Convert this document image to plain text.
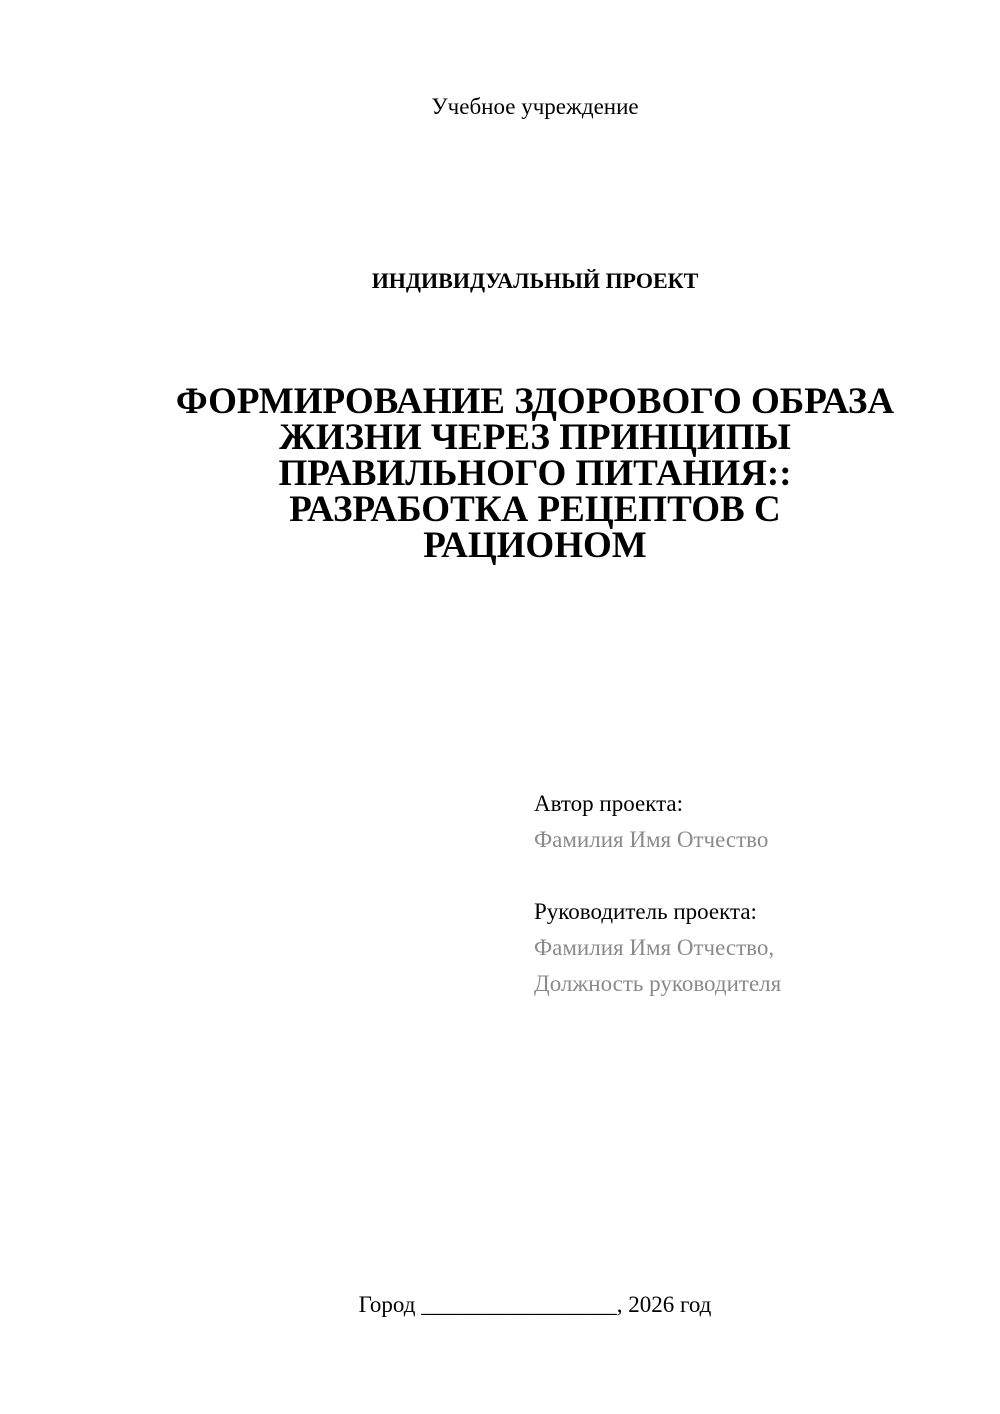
Учебное учреждение
ИНДИВИДУАЛЬНЫЙ ПРОЕКТ
ФОРМИРОВАНИЕ ЗДОРОВОГО ОБРАЗА
ЖИЗНИ ЧЕРЕЗ ПРИНЦИПЫ
ПРАВИЛЬНОГО ПИТАНИЯ::
РАЗРАБОТКА РЕЦЕПТОВ С
РАЦИОНОМ
Автор проекта:
Фамилия Имя Отчество
Руководитель проекта:
Фамилия Имя Отчество,
Должность руководителя
Город _________________, 2026 год
